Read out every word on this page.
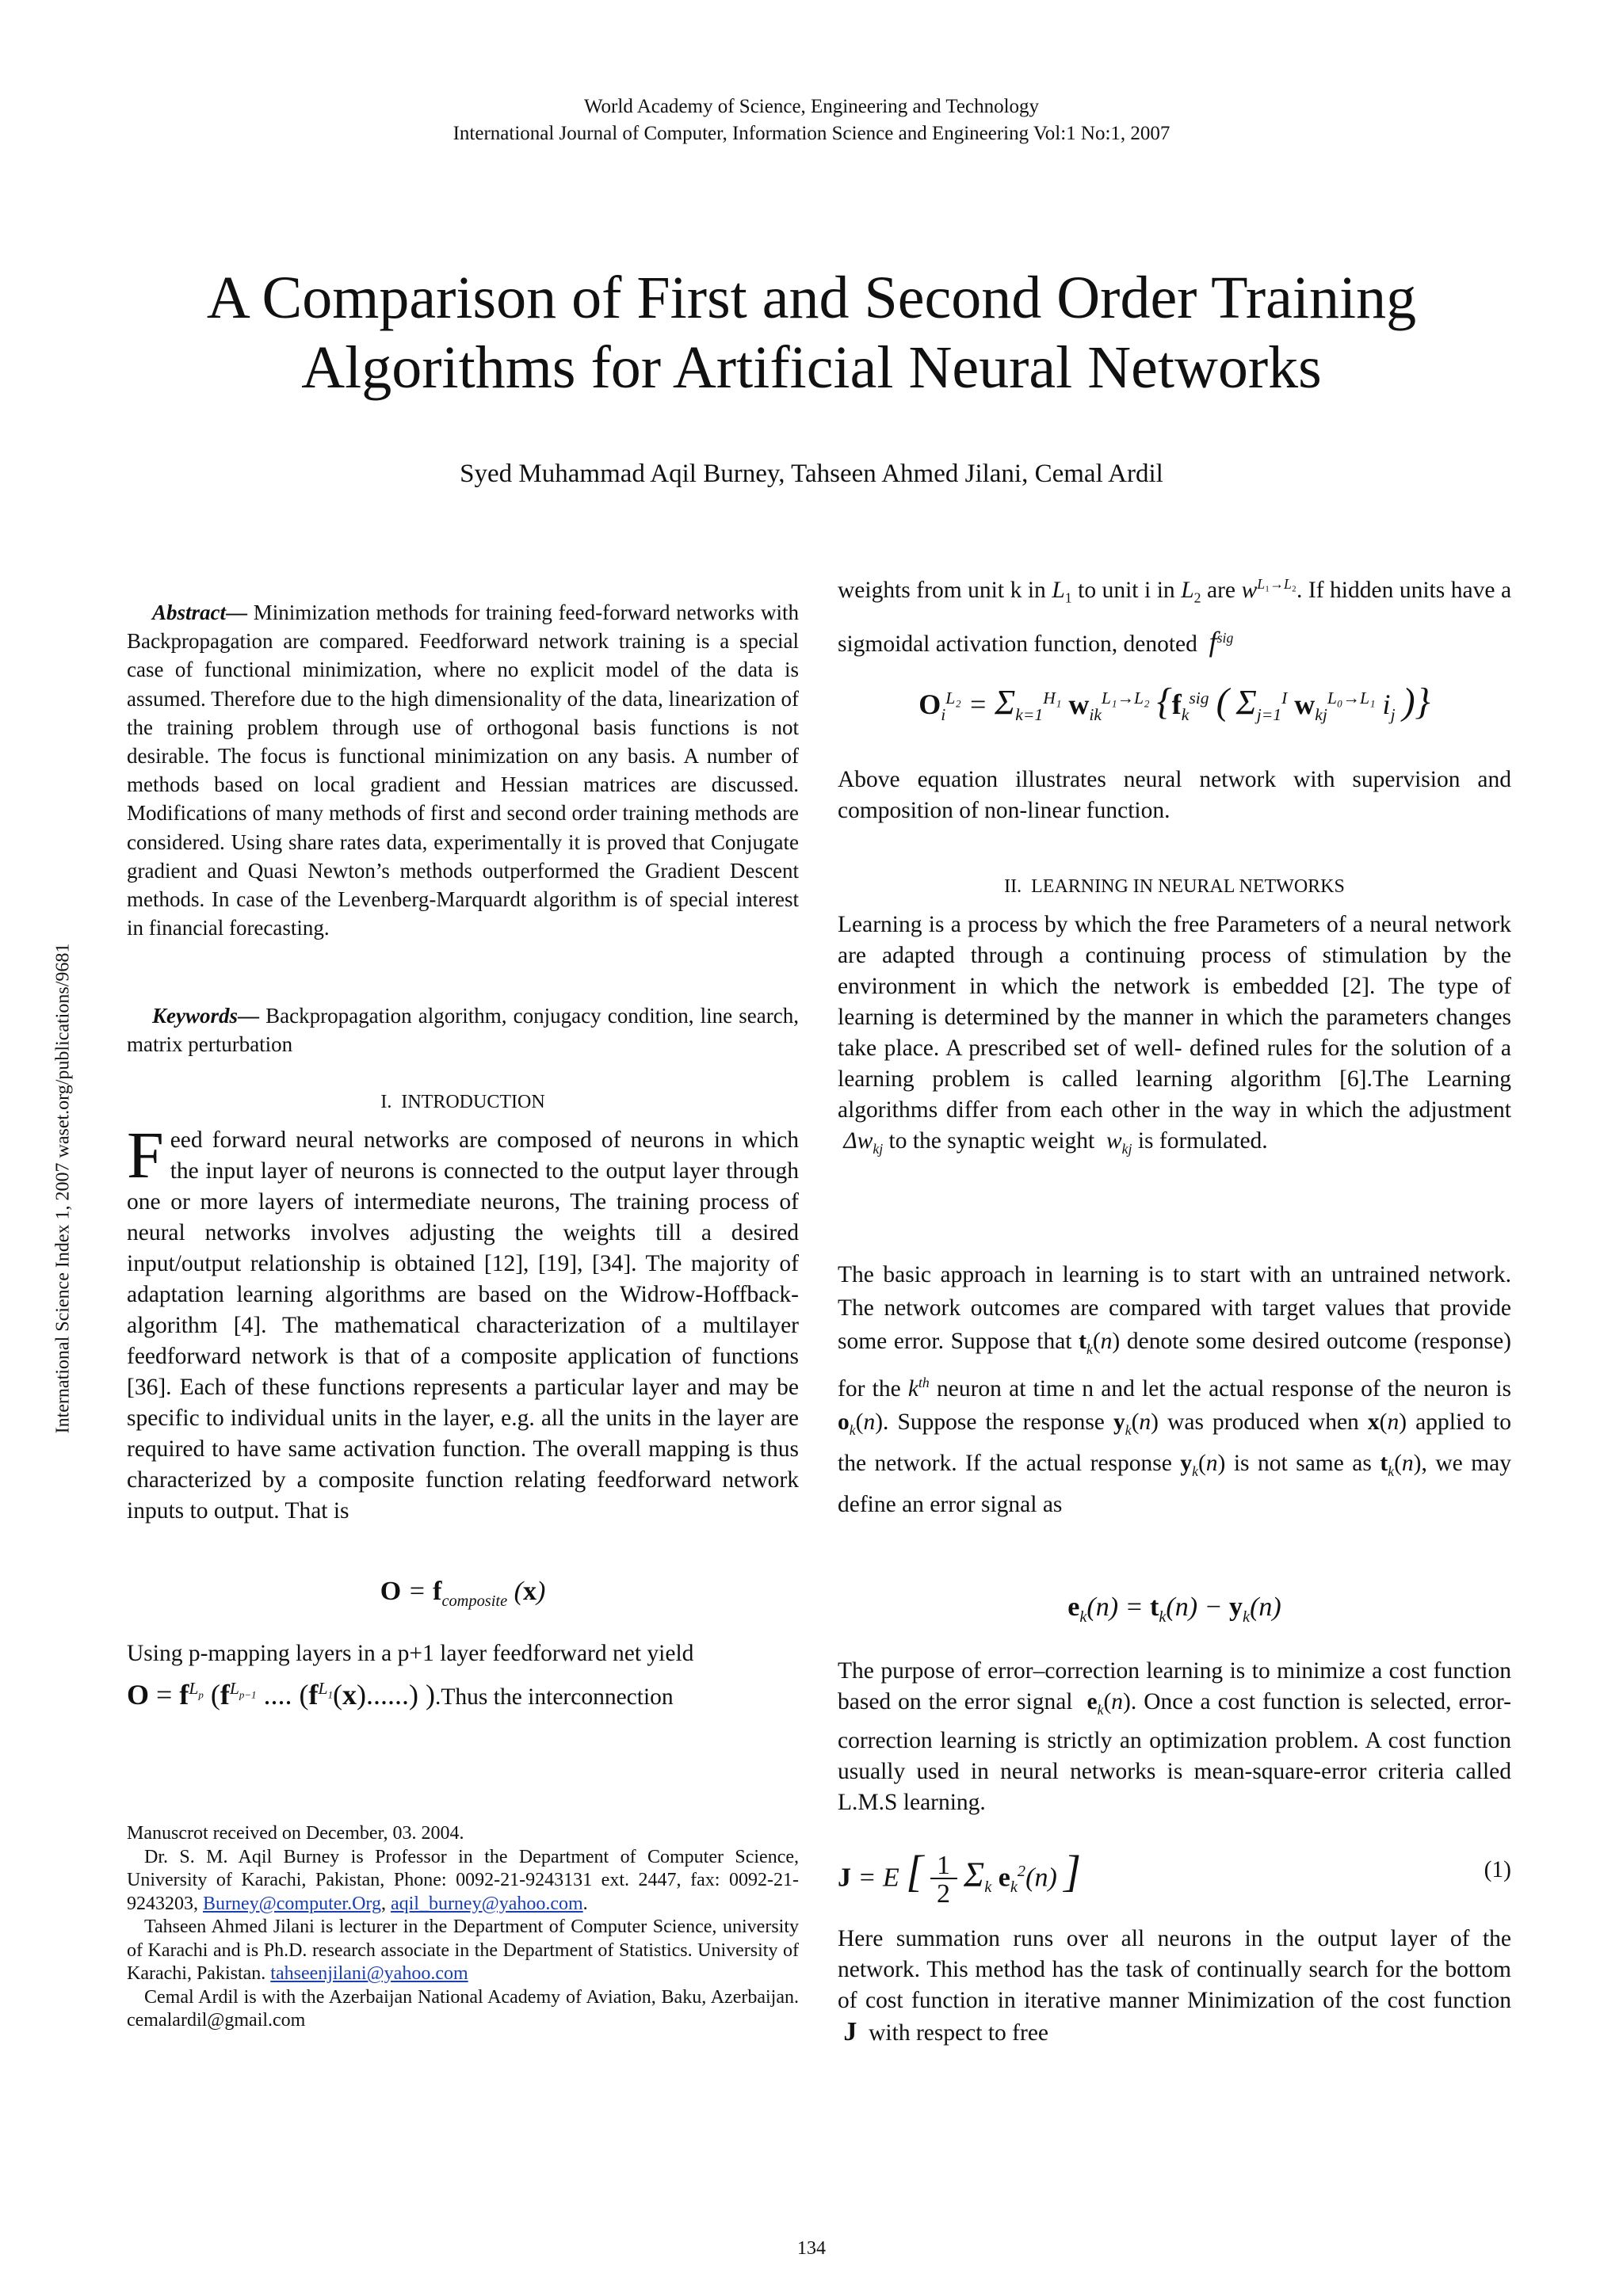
World Academy of Science, Engineering and Technology
International Journal of Computer, Information Science and Engineering Vol:1 No:1, 2007
A Comparison of First and Second Order Training
Algorithms for Artificial Neural Networks
Syed Muhammad Aqil Burney, Tahseen Ahmed Jilani, Cemal Ardil
International Science Index 1, 2007 waset.org/publications/9681

Abstract— Minimization methods for training feed-forward networks with Backpropagation are compared. Feedforward network training is a special case of functional minimization, where no explicit model of the data is assumed. Therefore due to the high dimensionality of the data, linearization of the training problem through use of orthogonal basis functions is not desirable. The focus is functional minimization on any basis. A number of methods based on local gradient and Hessian matrices are discussed. Modifications of many methods of first and second order training methods are considered. Using share rates data, experimentally it is proved that Conjugate gradient and Quasi Newton’s methods outperformed the Gradient Descent methods. In case of the Levenberg-Marquardt algorithm is of special interest in financial forecasting.

Keywords— Backpropagation algorithm, conjugacy condition, line search, matrix perturbation

I. INTRODUCTION

Feed forward neural networks are composed of neurons in which the input layer of neurons is connected to the output layer through one or more layers of intermediate neurons, The training process of neural networks involves adjusting the weights till a desired input/output relationship is obtained [12], [19], [34]. The majority of adaptation learning algorithms are based on the Widrow-Hoffback-algorithm [4]. The mathematical characterization of a multilayer feedforward network is that of a composite application of functions [36]. Each of these functions represents a particular layer and may be specific to individual units in the layer, e.g. all the units in the layer are required to have same activation function. The overall mapping is thus characterized by a composite function relating feedforward network inputs to output. That is

$O = f_{composite}$ (x)

Using p-mapping layers in a p+1 layer feedforward net yield

$O = f^{L_p}$ ($f^{L_{p-1}}$ .... $(f^{L_1}(x)......)$ ).Thus the interconnection

Manuscrot received on December, 03. 2004.
Dr. S. M. Aqil Burney is Professor in the Department of Computer Science, University of Karachi, Pakistan, Phone: 0092-21-9243131 ext. 2447, fax: 0092-21-9243203, Burney@computer.Org, aqil_burney@yahoo.com.
Tahseen Ahmed Jilani is lecturer in the Department of Computer Science, university of Karachi and is Ph.D. research associate in the Department of Statistics. University of Karachi, Pakistan. tahseenjilani@yahoo.com
Cemal Ardil is with the Azerbaijan National Academy of Aviation, Baku, Azerbaijan. cemalardil@gmail.com

weights from unit k in $L_1$ to unit i in $L_2$ are $w^{L_1\to L_2}$. If hidden units have a sigmoidal activation function, denoted $f^{sig}$

$O_i^{L_2} = \Sigma_{k=1}^{H_1}$ $w_{ik}^{L_1\to L_2}$ {$f_k^{sig}$ ( $\Sigma_{j=1}^I$ $w_{kj}^{L_0\to L_1}$ $i_j$ )}

Above equation illustrates neural network with supervision and composition of non-linear function.

II. LEARNING IN NEURAL NETWORKS

Learning is a process by which the free Parameters of a neural network are adapted through a continuing process of stimulation by the environment in which the network is embedded [2]. The type of learning is determined by the manner in which the parameters changes take place. A prescribed set of well- defined rules for the solution of a learning problem is called learning algorithm [6].The Learning algorithms differ from each other in the way in which the adjustment  $\Delta w_{kj}$ to the synaptic weight $w_{kj}$ is formulated.

The basic approach in learning is to start with an untrained network. The network outcomes are compared with target values that provide some error. Suppose that $t_k(n)$ denote some desired outcome (response) for the $k^{th}$ neuron at time n and let the actual response of the neuron is $o_k(n)$. Suppose the response $y_k(n)$ was produced when x(n) applied to the network. If the actual response $y_k(n)$ is not same as $t_k(n)$, we may define an error signal as

$e_k(n) = t_k(n) - y_k(n)$

The purpose of error–correction learning is to minimize a cost function based on the error signal $e_k(n)$. Once a cost function is selected, error-correction learning is strictly an optimization problem. A cost function usually used in neural networks is mean-square-error criteria called L.M.S learning.

J = E [ 1
2  $\Sigma_k$ $e_k^2(n)$ ]	(1)

Here summation runs over all neurons in the output layer of the network. This method has the task of continually search for the bottom of cost function in iterative manner Minimization of the cost function  J with respect to free

134
